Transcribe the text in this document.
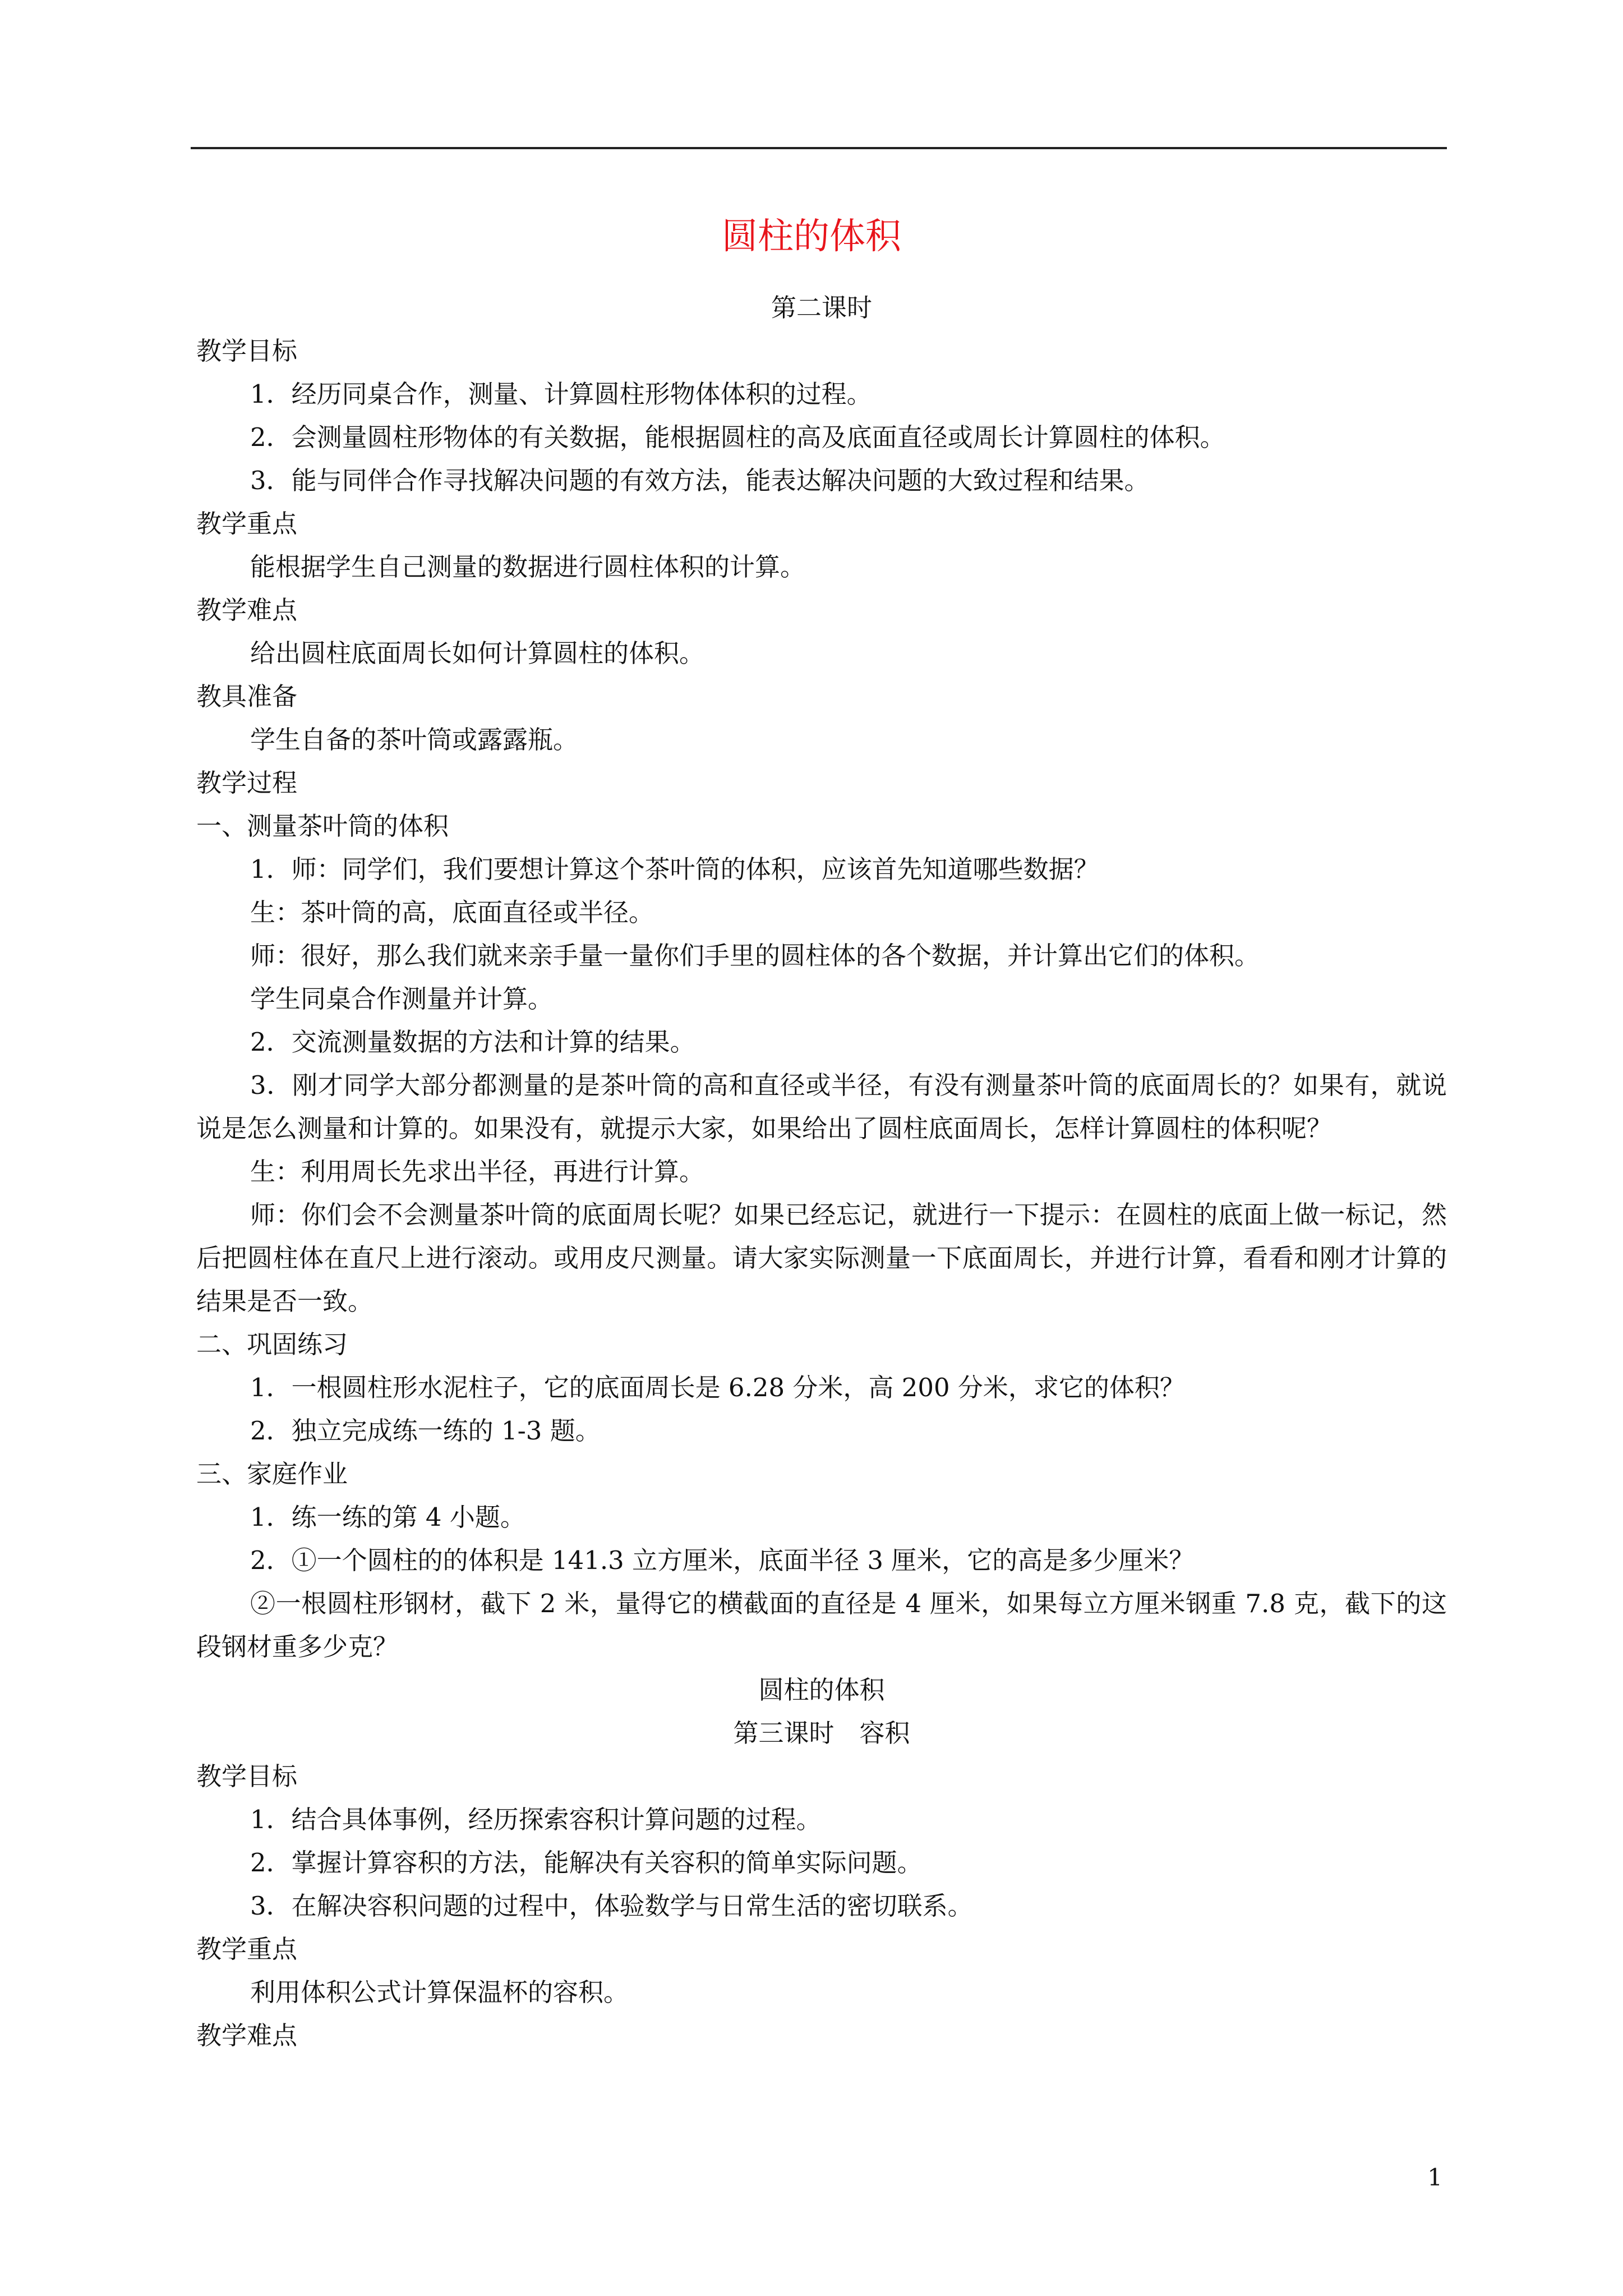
圆柱的体积
第二课时
教学目标
1．经历同桌合作，测量、计算圆柱形物体体积的过程。
2．会测量圆柱形物体的有关数据，能根据圆柱的高及底面直径或周长计算圆柱的体积。
3．能与同伴合作寻找解决问题的有效方法，能表达解决问题的大致过程和结果。
教学重点
能根据学生自己测量的数据进行圆柱体积的计算。
教学难点
给出圆柱底面周长如何计算圆柱的体积。
教具准备
学生自备的茶叶筒或露露瓶。
教学过程
一、测量茶叶筒的体积
1．师：同学们，我们要想计算这个茶叶筒的体积，应该首先知道哪些数据？
生：茶叶筒的高，底面直径或半径。
师：很好，那么我们就来亲手量一量你们手里的圆柱体的各个数据，并计算出它们的体积。
学生同桌合作测量并计算。
2．交流测量数据的方法和计算的结果。
3．刚才同学大部分都测量的是茶叶筒的高和直径或半径，有没有测量茶叶筒的底面周长的？如果有，就说说是怎么测量和计算的。如果没有，就提示大家，如果给出了圆柱底面周长，怎样计算圆柱的体积呢？
生：利用周长先求出半径，再进行计算。
师：你们会不会测量茶叶筒的底面周长呢？如果已经忘记，就进行一下提示：在圆柱的底面上做一标记，然后把圆柱体在直尺上进行滚动。或用皮尺测量。请大家实际测量一下底面周长，并进行计算，看看和刚才计算的结果是否一致。
二、巩固练习
1．一根圆柱形水泥柱子，它的底面周长是 6.28 分米，高 200 分米，求它的体积？
2．独立完成练一练的 1-3 题。
三、家庭作业
1．练一练的第 4 小题。
2．①一个圆柱的的体积是 141.3 立方厘米，底面半径 3 厘米，它的高是多少厘米？
②一根圆柱形钢材，截下 2 米，量得它的横截面的直径是 4 厘米，如果每立方厘米钢重 7.8 克，截下的这段钢材重多少克？
圆柱的体积
第三课时　容积
教学目标
1．结合具体事例，经历探索容积计算问题的过程。
2．掌握计算容积的方法，能解决有关容积的简单实际问题。
3．在解决容积问题的过程中，体验数学与日常生活的密切联系。
教学重点
利用体积公式计算保温杯的容积。
教学难点
1
